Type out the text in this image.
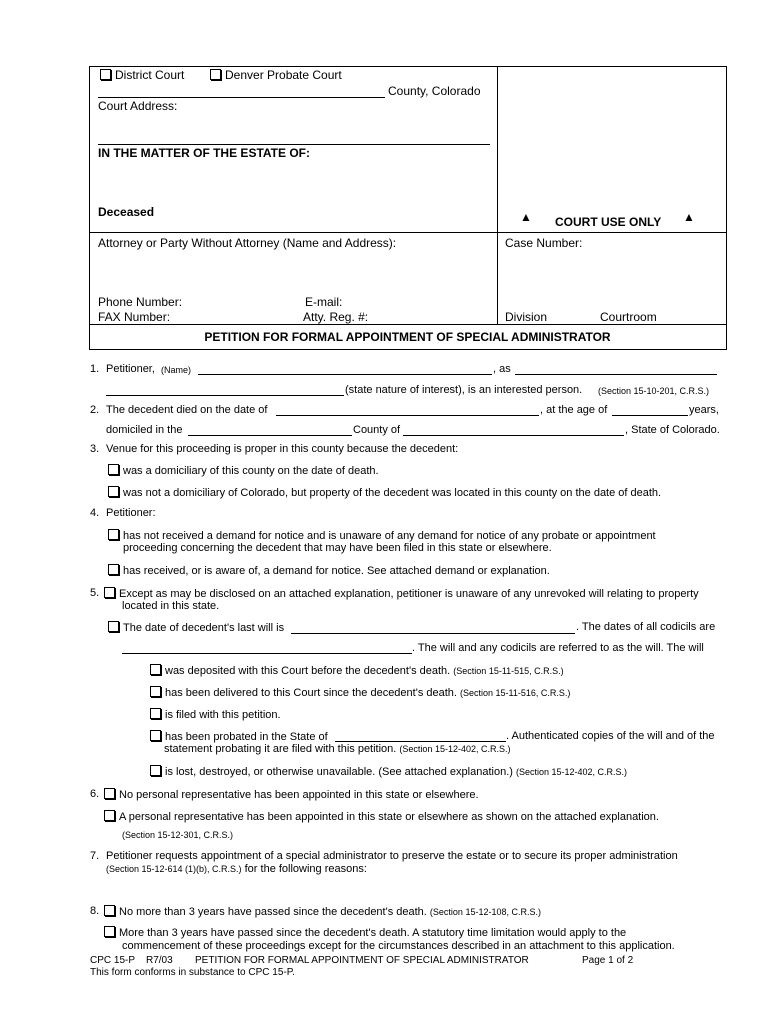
District Court	Denver Probate Court
County, Colorado
Court Address:
IN THE MATTER OF THE ESTATE OF:
Deceased	▲ COURT USE ONLY ▲
Attorney or Party Without Attorney (Name and Address):	Case Number:
Phone Number:	E-mail:
FAX Number:	Atty. Reg. #:	Division	Courtroom
PETITION FOR FORMAL APPOINTMENT OF SPECIAL ADMINISTRATOR
1. Petitioner, (Name)	, as
(state nature of interest), is an interested person. (Section 15-10-201, C.R.S.)
2. The decedent died on the date of	, at the age of	years,
domiciled in the	County of	, State of Colorado.
3. Venue for this proceeding is proper in this county because the decedent:
was a domiciliary of this county on the date of death.
was not a domiciliary of Colorado, but property of the decedent was located in this county on the date of death.
4. Petitioner:
has not received a demand for notice and is unaware of any demand for notice of any probate or appointment
proceeding concerning the decedent that may have been filed in this state or elsewhere.
has received, or is aware of, a demand for notice. See attached demand or explanation.
5.	Except as may be disclosed on an attached explanation, petitioner is unaware of any unrevoked will relating to property
located in this state.
The date of decedent's last will is	. The dates of all codicils are
. The will and any codicils are referred to as the will. The will
was deposited with this Court before the decedent's death. (Section 15-11-515, C.R.S.)
has been delivered to this Court since the decedent's death. (Section 15-11-516, C.R.S.)
is filed with this petition.
has been probated in the State of	. Authenticated copies of the will and of the
statement probating it are filed with this petition. (Section 15-12-402, C.R.S.)
is lost, destroyed, or otherwise unavailable. (See attached explanation.) (Section 15-12-402, C.R.S.)
6.	No personal representative has been appointed in this state or elsewhere.
A personal representative has been appointed in this state or elsewhere as shown on the attached explanation.
(Section 15-12-301, C.R.S.)
7. Petitioner requests appointment of a special administrator to preserve the estate or to secure its proper administration
(Section 15-12-614 (1)(b), C.R.S.) for the following reasons:
8.	No more than 3 years have passed since the decedent's death. (Section 15-12-108, C.R.S.)
More than 3 years have passed since the decedent's death. A statutory time limitation would apply to the
commencement of these proceedings except for the circumstances described in an attachment to this application.
CPC 15-P R7/03 PETITION FOR FORMAL APPOINTMENT OF SPECIAL ADMINISTRATOR	Page 1 of 2
This form conforms in substance to CPC 15-P.
